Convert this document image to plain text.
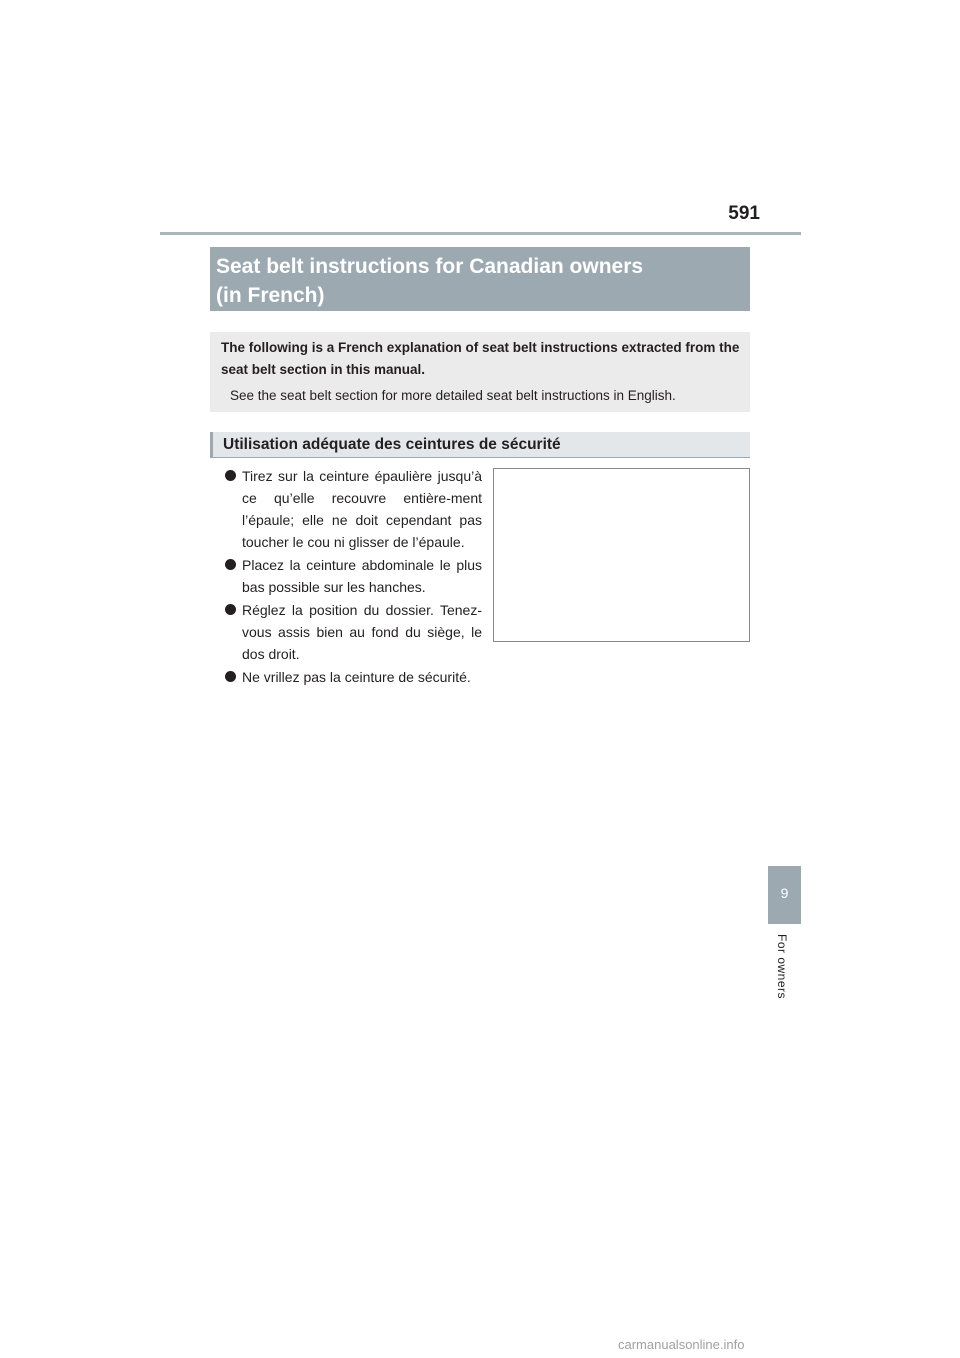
591
Seat belt instructions for Canadian owners
(in French)

The following is a French explanation of seat belt instructions extracted from the seat belt section in this manual.

See the seat belt section for more detailed seat belt instructions in English.

Utilisation adéquate des ceintures de sécurité
Tirez sur la ceinture épaulière jusqu’à ce qu’elle recouvre entière-ment l’épaule; elle ne doit cependant pas toucher le cou ni glisser de l’épaule.
Placez la ceinture abdominale le plus bas possible sur les hanches.
Réglez la position du dossier. Tenez-vous assis bien au fond du siège, le dos droit.
Ne vrillez pas la ceinture de sécurité.
9
For owners
carmanualsonline.info
